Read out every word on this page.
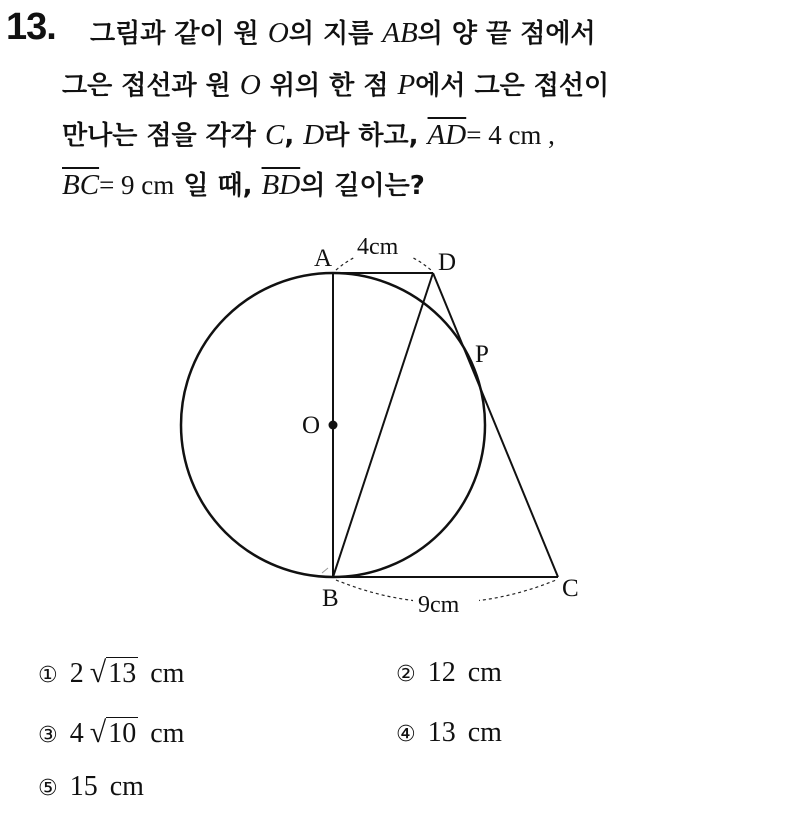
13. 그림과 같이 원 O의 지름 AB의 양 끝 점에서
그은 접선과 원 O 위의 한 점 P에서 그은 접선이
만나는 점을 각각 C, D라 하고, $\overline{AD}= 4$ cm ,
$\overline{BC}= 9$ cm 일 때, $\overline{BD}$의 길이는?
A	D
P
O
B	C
4cm
9cm
① 2 √13 cm	② 12 cm
③ 4 √10 cm	④ 13 cm
⑤ 15 cm
